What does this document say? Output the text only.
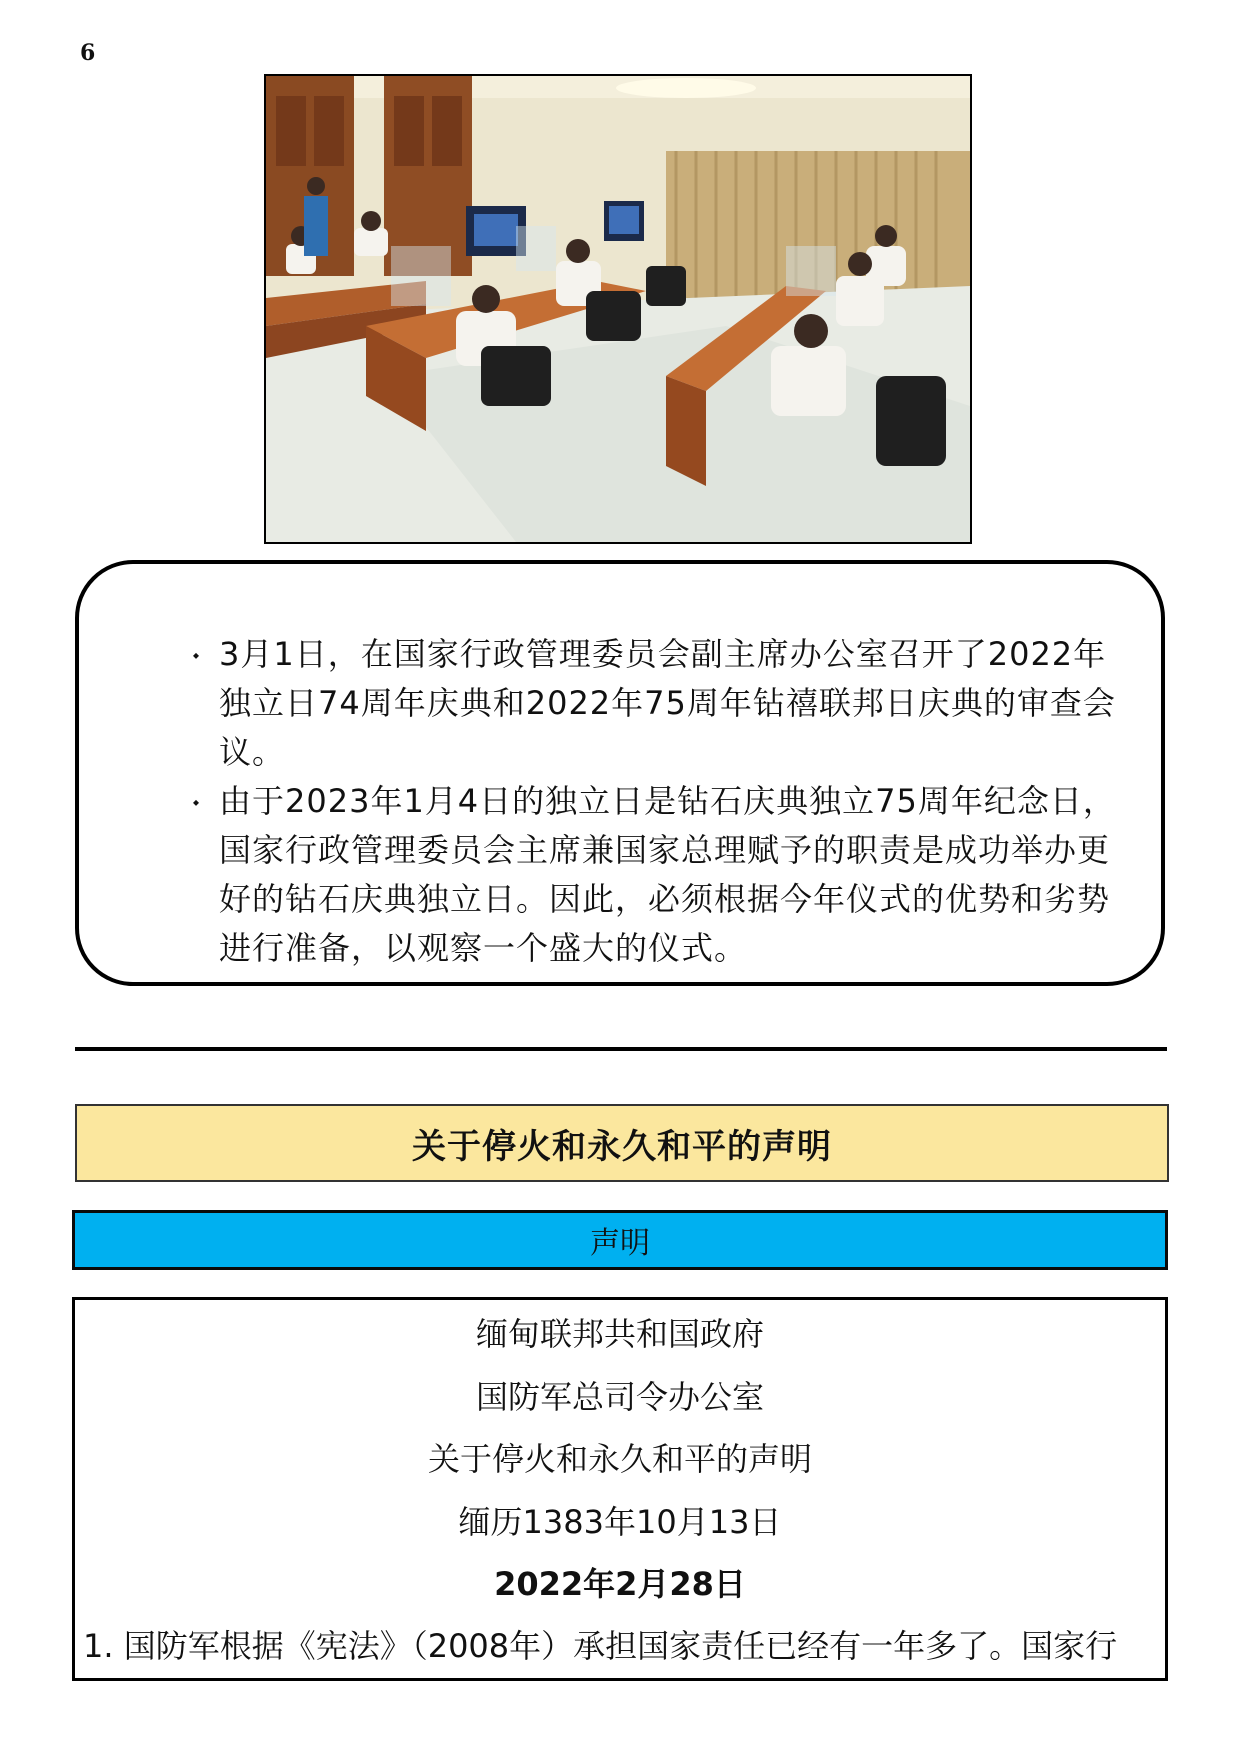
6
⬩ 3月1日，在国家行政管理委员会副主席办公室召开了2022年独立日74周年庆典和2022年75周年钻禧联邦日庆典的审查会议。
⬩ 由于2023年1月4日的独立日是钻石庆典独立75周年纪念日，国家行政管理委员会主席兼国家总理赋予的职责是成功举办更好的钻石庆典独立日。因此，必须根据今年仪式的优势和劣势进行准备，以观察一个盛大的仪式。
关于停火和永久和平的声明
声明
缅甸联邦共和国政府
国防军总司令办公室
关于停火和永久和平的声明
缅历1383年10月13日
2022年2月28日
1. 国防军根据《宪法》（2008年）承担国家责任已经有一年多了。国家行
